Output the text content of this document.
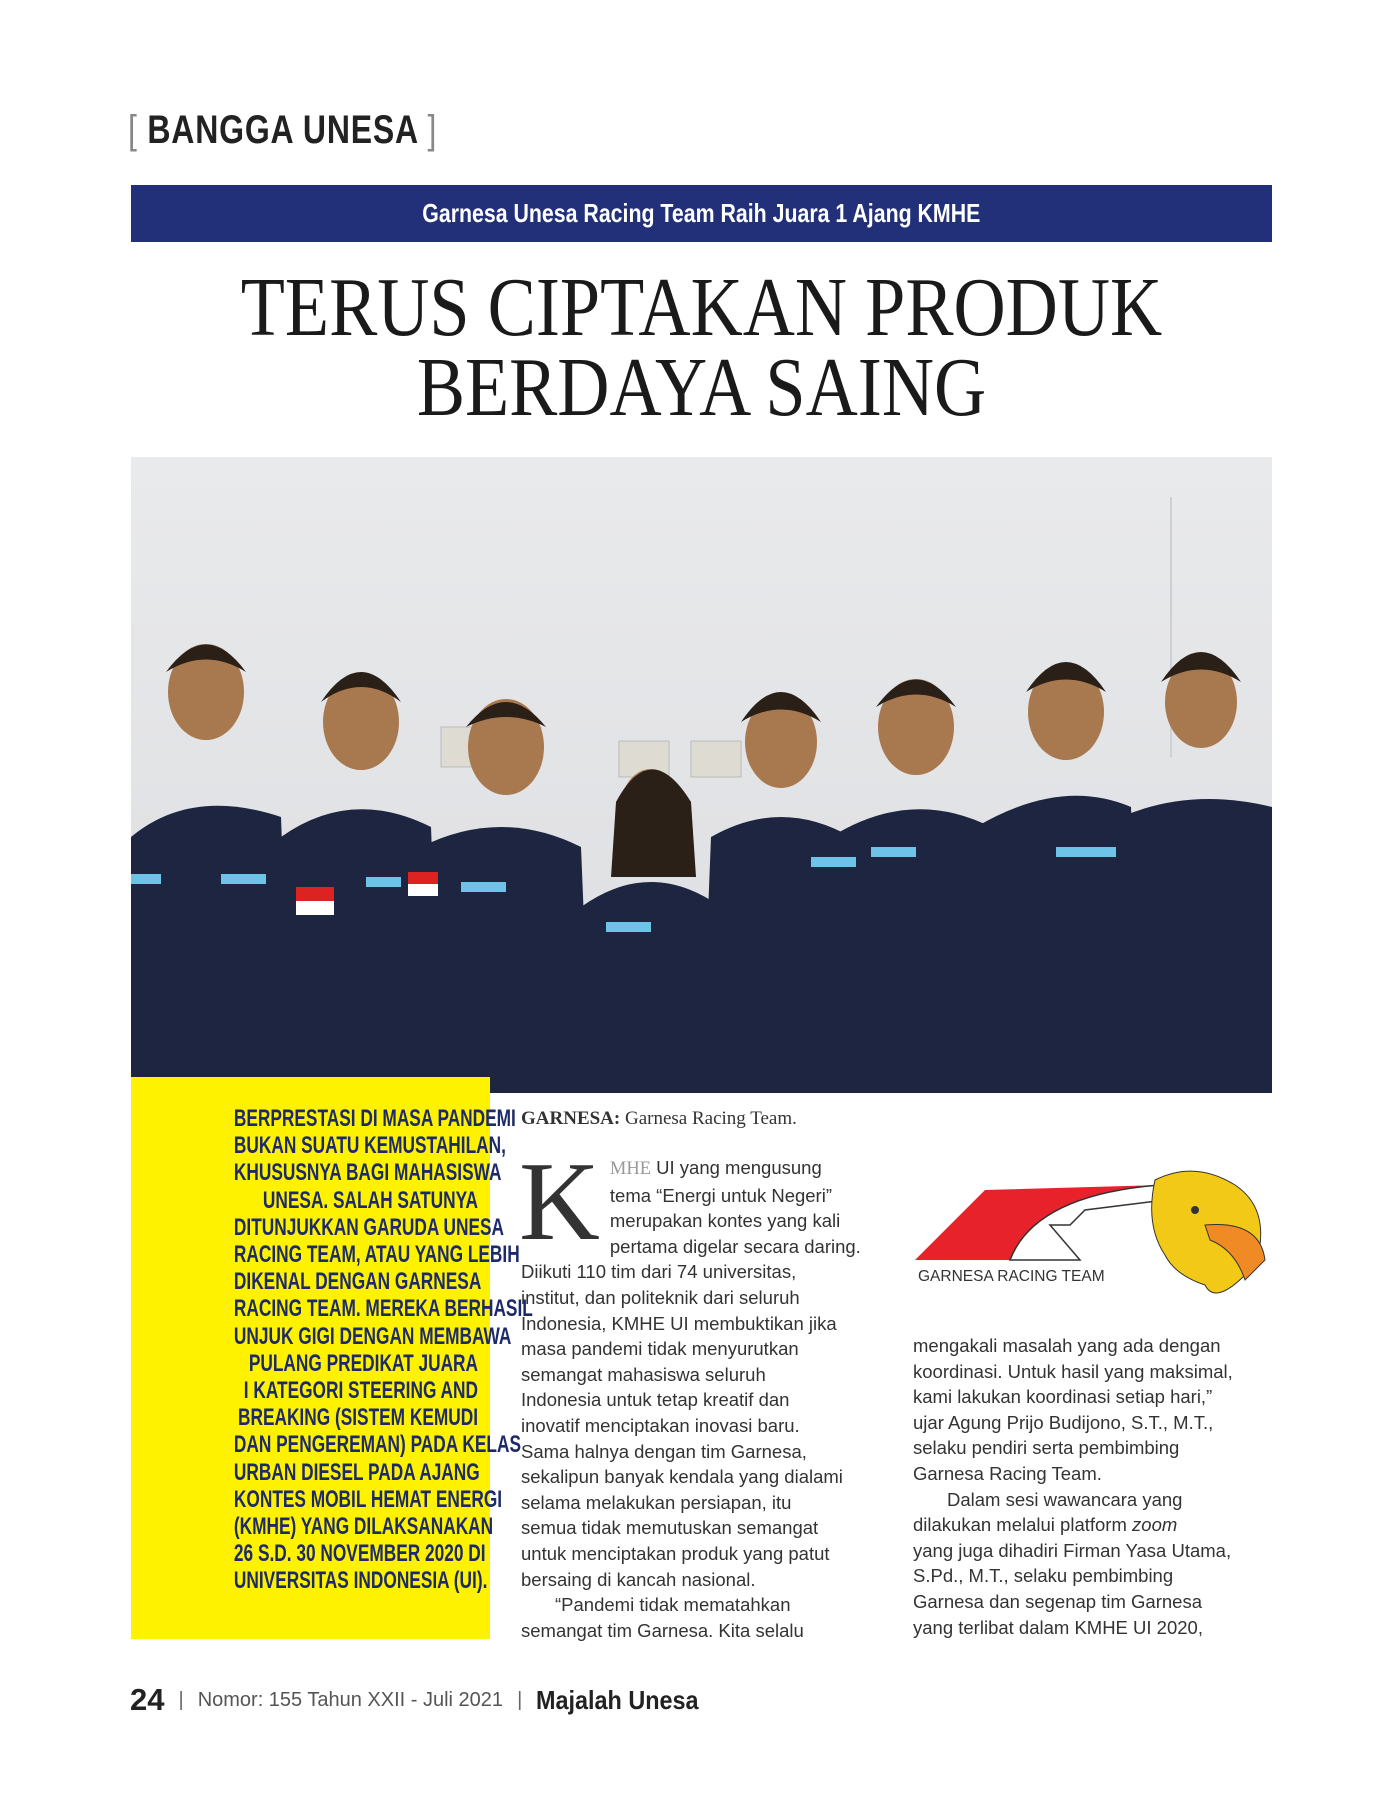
[ BANGGA UNESA ]
Garnesa Unesa Racing Team Raih Juara 1 Ajang KMHE
TERUS CIPTAKAN PRODUK
BERDAYA SAING
BERPRESTASI DI MASA PANDEMI
BUKAN SUATU KEMUSTAHILAN,
KHUSUSNYA BAGI MAHASISWA
UNESA. SALAH SATUNYA
DITUNJUKKAN GARUDA UNESA
RACING TEAM, ATAU YANG LEBIH
DIKENAL DENGAN GARNESA
RACING TEAM. MEREKA BERHASIL
UNJUK GIGI DENGAN MEMBAWA
PULANG PREDIKAT JUARA
I KATEGORI STEERING AND
BREAKING (SISTEM KEMUDI
DAN PENGEREMAN) PADA KELAS
URBAN DIESEL PADA AJANG
KONTES MOBIL HEMAT ENERGI
(KMHE) YANG DILAKSANAKAN
26 S.D. 30 NOVEMBER 2020 DI
UNIVERSITAS INDONESIA (UI).
GARNESA: Garnesa Racing Team.
K MHE UI yang mengusung
tema “Energi untuk Negeri”
merupakan kontes yang kali
pertama digelar secara daring.
Diikuti 110 tim dari 74 universitas,
institut, dan politeknik dari seluruh
Indonesia, KMHE UI membuktikan jika
masa pandemi tidak menyurutkan
semangat mahasiswa seluruh
Indonesia untuk tetap kreatif dan
inovatif menciptakan inovasi baru.
Sama halnya dengan tim Garnesa,
sekalipun banyak kendala yang dialami
selama melakukan persiapan, itu
semua tidak memutuskan semangat
untuk menciptakan produk yang patut
bersaing di kancah nasional.
“Pandemi tidak mematahkan
semangat tim Garnesa. Kita selalu
GARNESA RACING TEAM
mengakali masalah yang ada dengan
koordinasi. Untuk hasil yang maksimal,
kami lakukan koordinasi setiap hari,”
ujar Agung Prijo Budijono, S.T., M.T.,
selaku pendiri serta pembimbing
Garnesa Racing Team.
Dalam sesi wawancara yang
dilakukan melalui platform zoom
yang juga dihadiri Firman Yasa Utama,
S.Pd., M.T., selaku pembimbing
Garnesa dan segenap tim Garnesa
yang terlibat dalam KMHE UI 2020,
24 | Nomor: 155 Tahun XXII - Juli 2021 | Majalah Unesa
